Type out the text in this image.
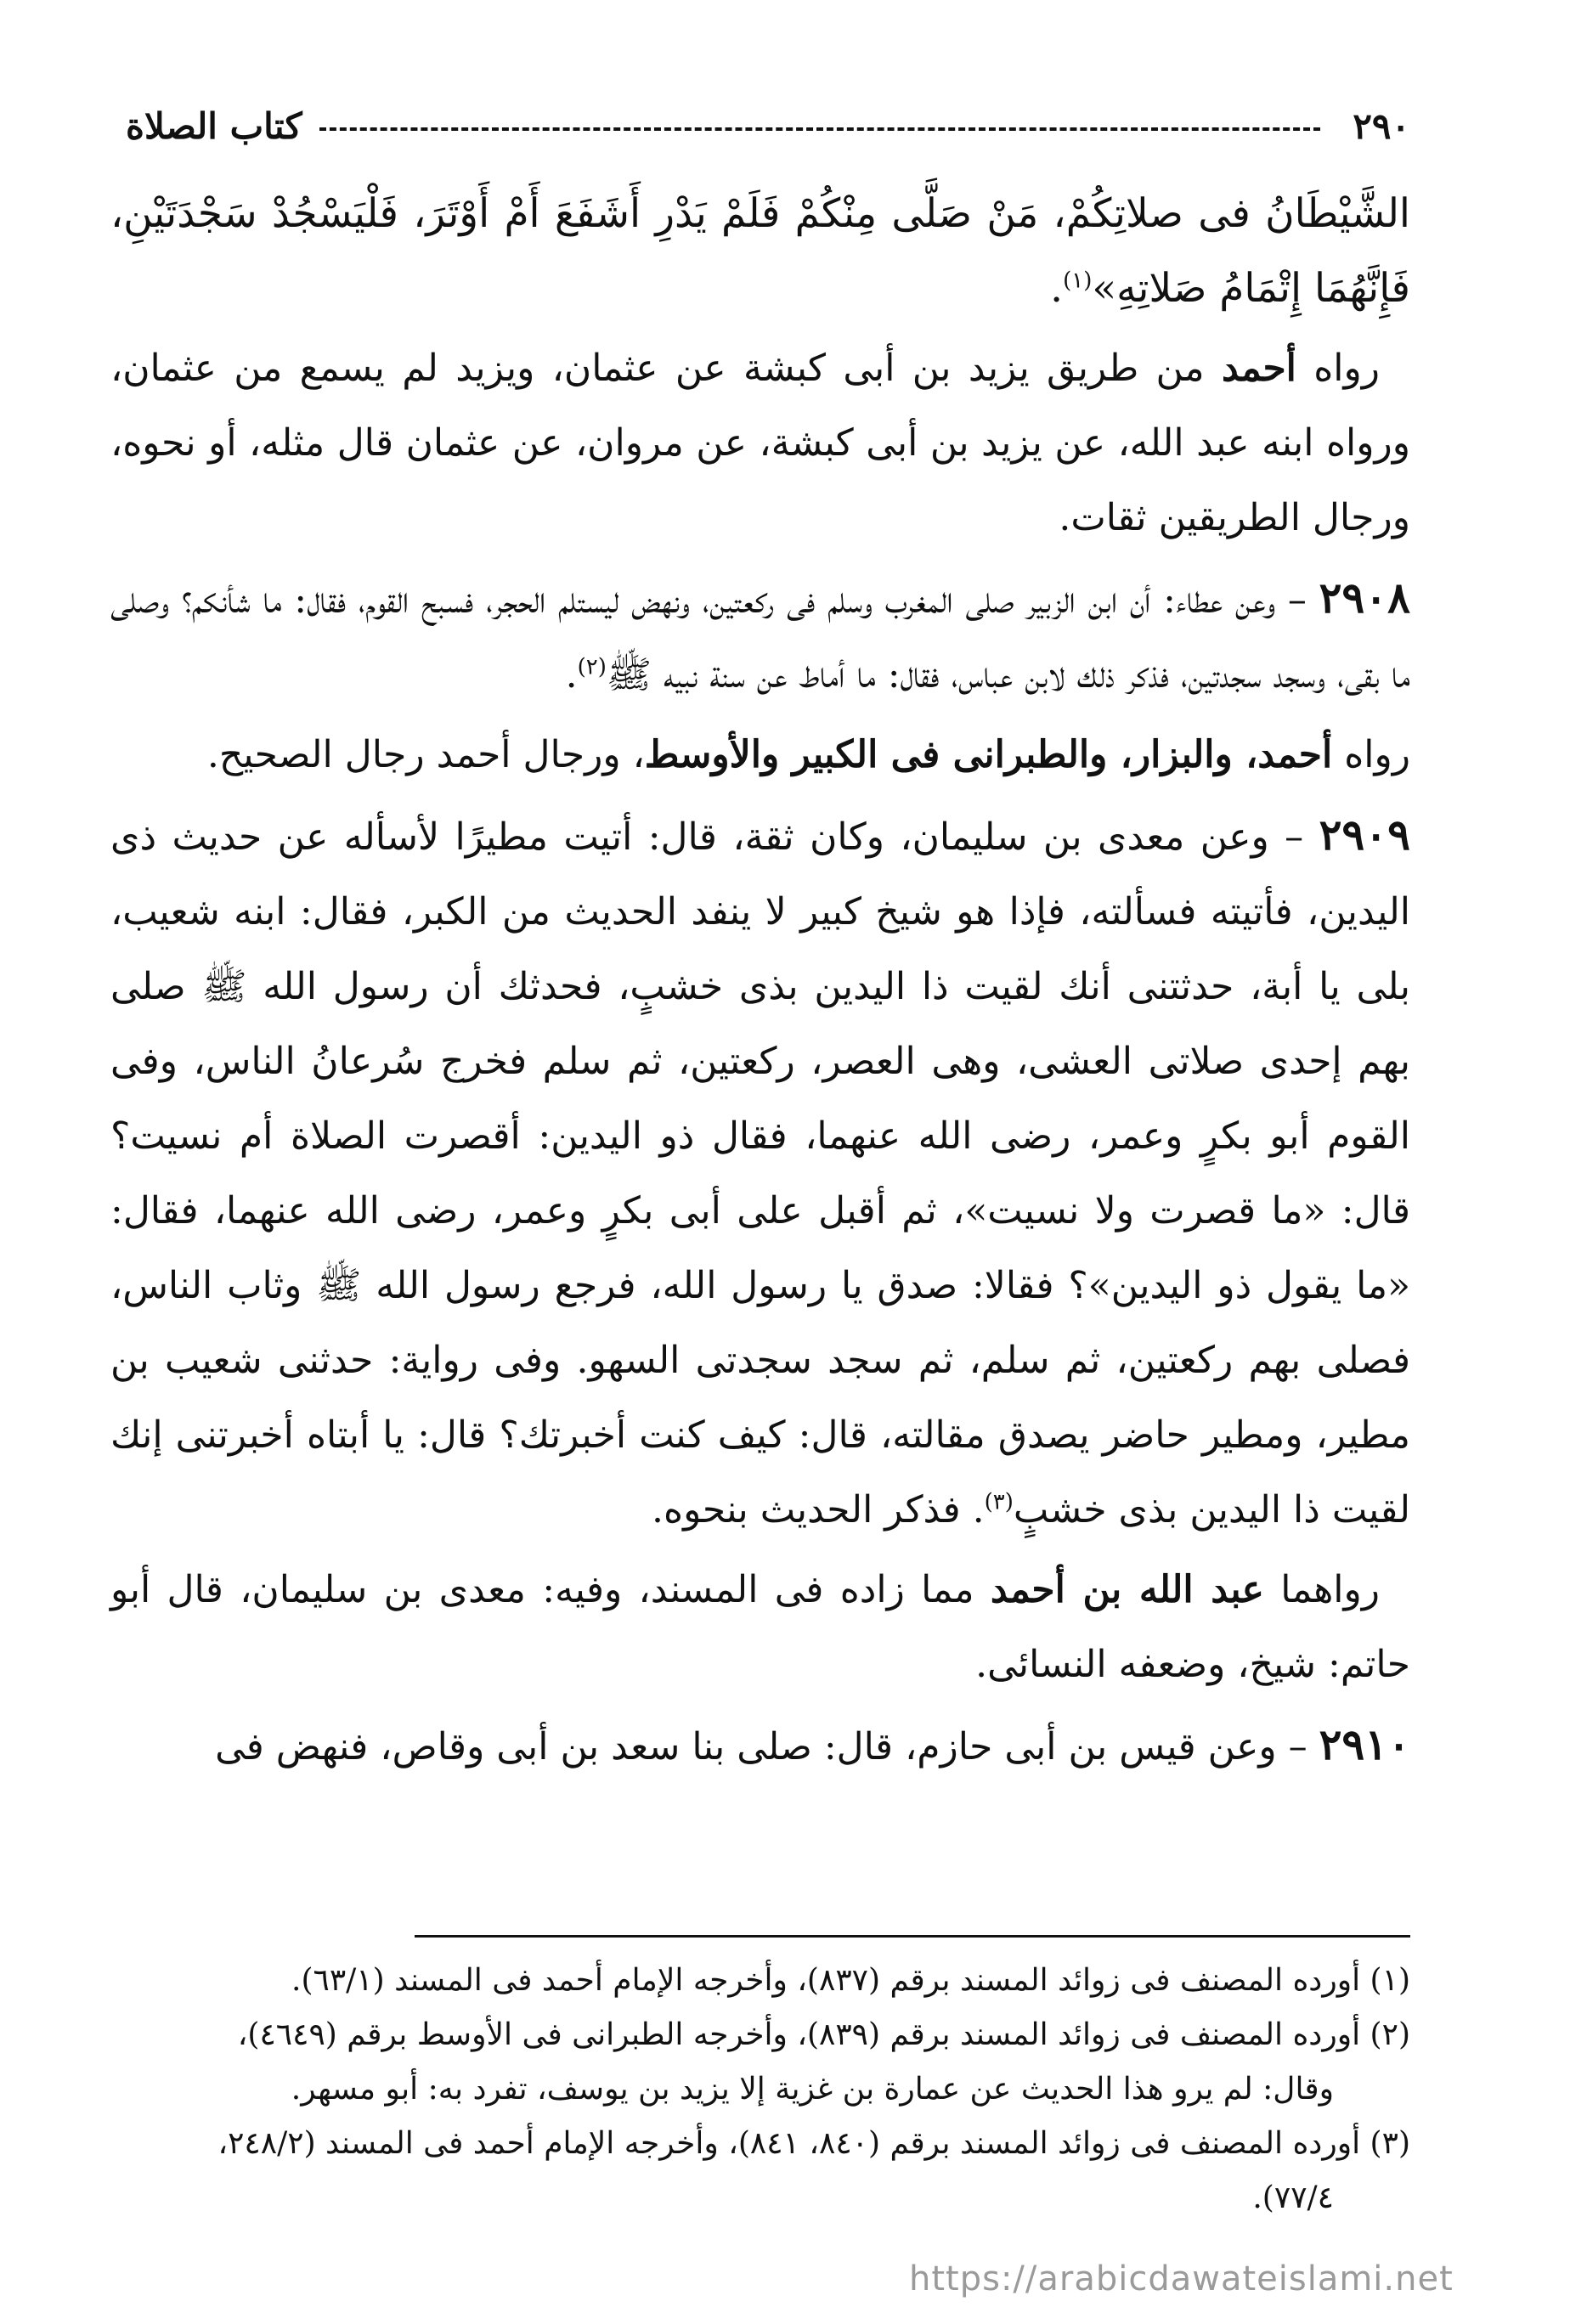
٢٩٠
كتاب الصلاة

الشَّيْطَانُ فى صلاتِكُمْ، مَنْ صَلَّى مِنْكُمْ فَلَمْ يَدْرِ أَشَفَعَ أَمْ أَوْتَرَ، فَلْيَسْجُدْ سَجْدَتَيْنِ، فَإِنَّهُمَا إِتْمَامُ صَلاتِهِ»$^{(١)}$.

رواه أحمد من طريق يزيد بن أبى كبشة عن عثمان، ويزيد لم يسمع من عثمان، ورواه ابنه عبد الله، عن يزيد بن أبى كبشة، عن مروان، عن عثمان قال مثله، أو نحوه، ورجال الطريقين ثقات.

٢٩٠٨ – وعن عطاء: أن ابن الزبير صلى المغرب وسلم فى ركعتين، ونهض ليستلم الحجر، فسبح القوم، فقال: ما شأنكم؟ وصلى ما بقى، وسجد سجدتين، فذكر ذلك لابن عباس، فقال: ما أماط عن سنة نبيه ﷺ$^{(٢)}$.

رواه أحمد، والبزار، والطبرانى فى الكبير والأوسط، ورجال أحمد رجال الصحيح.

٢٩٠٩ – وعن معدى بن سليمان، وكان ثقة، قال: أتيت مطيرًا لأسأله عن حديث ذى اليدين، فأتيته فسألته، فإذا هو شيخ كبير لا ينفد الحديث من الكبر، فقال: ابنه شعيب، بلى يا أبة، حدثتنى أنك لقيت ذا اليدين بذى خشبٍ، فحدثك أن رسول الله ﷺ صلى بهم إحدى صلاتى العشى، وهى العصر، ركعتين، ثم سلم فخرج سُرعانُ الناس، وفى القوم أبو بكرٍ وعمر، رضى الله عنهما، فقال ذو اليدين: أقصرت الصلاة أم نسيت؟ قال: «ما قصرت ولا نسيت»، ثم أقبل على أبى بكرٍ وعمر، رضى الله عنهما، فقال: «ما يقول ذو اليدين»؟ فقالا: صدق يا رسول الله، فرجع رسول الله ﷺ وثاب الناس، فصلى بهم ركعتين، ثم سلم، ثم سجد سجدتى السهو. وفى رواية: حدثنى شعيب بن مطير، ومطير حاضر يصدق مقالته، قال: كيف كنت أخبرتك؟ قال: يا أبتاه أخبرتنى إنك لقيت ذا اليدين بذى خشبٍ$^{(٣)}$. فذكر الحديث بنحوه.

رواهما عبد الله بن أحمد مما زاده فى المسند، وفيه: معدى بن سليمان، قال أبو حاتم: شيخ، وضعفه النسائى.

٢٩١٠ – وعن قيس بن أبى حازم، قال: صلى بنا سعد بن أبى وقاص، فنهض فى

(١) أورده المصنف فى زوائد المسند برقم (٨٣٧)، وأخرجه الإمام أحمد فى المسند (٦٣/١).

(٢) أورده المصنف فى زوائد المسند برقم (٨٣٩)، وأخرجه الطبرانى فى الأوسط برقم (٤٦٤٩)،

وقال: لم يرو هذا الحديث عن عمارة بن غزية إلا يزيد بن يوسف، تفرد به: أبو مسهر.

(٣) أورده المصنف فى زوائد المسند برقم (٨٤٠، ٨٤١)، وأخرجه الإمام أحمد فى المسند (٢٤٨/٢،

٧٧/٤).

https://arabicdawateislami.net
